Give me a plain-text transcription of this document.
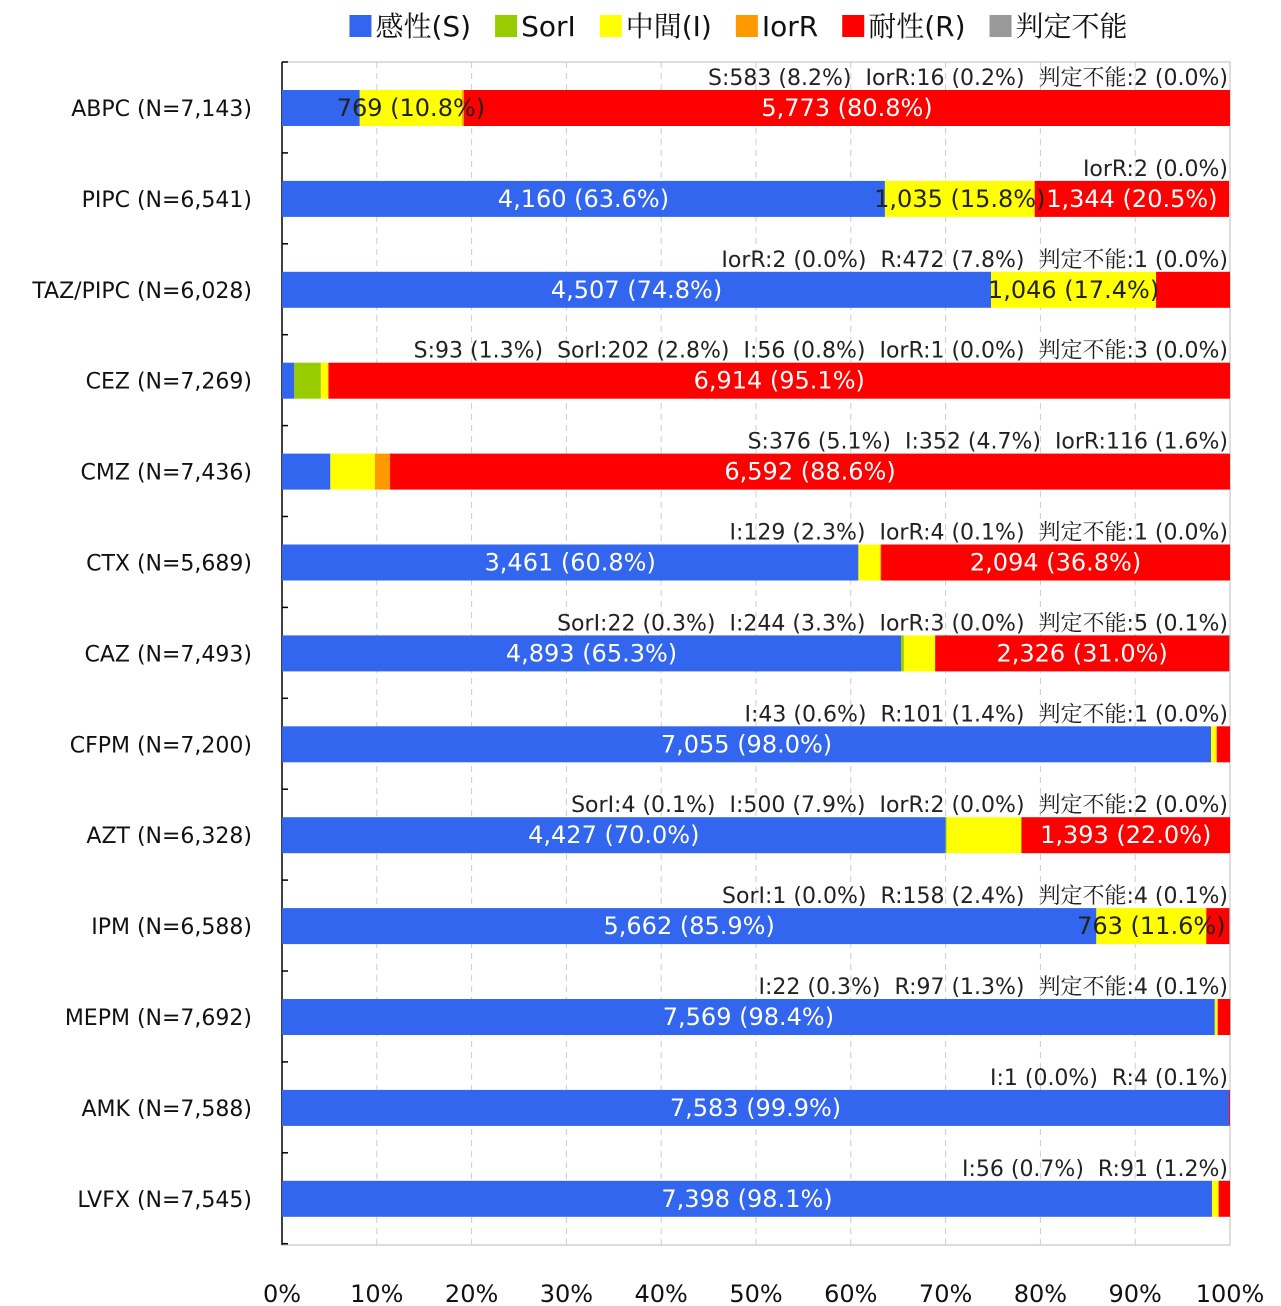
0% 10% 20% 30% 40% 50% 60% 70% 80% 90% 100%
ABPC (N=7,143)	769 (10.8%)	5,773 (80.8%)
S:583 (8.2%) IorR:16 (0.2%) 判定不能:2 (0.0%)
PIPC (N=6,541)	4,160 (63.6%)	1,035 (15.8%) 1,344 (20.5%)
IorR:2 (0.0%)
TAZ/PIPC (N=6,028)	4,507 (74.8%)	1,046 (17.4%)
IorR:2 (0.0%) R:472 (7.8%) 判定不能:1 (0.0%)
CEZ (N=7,269)	6,914 (95.1%)
S:93 (1.3%) SorI:202 (2.8%) I:56 (0.8%) IorR:1 (0.0%) 判定不能:3 (0.0%)
CMZ (N=7,436)	6,592 (88.6%)
S:376 (5.1%) I:352 (4.7%) IorR:116 (1.6%)
CTX (N=5,689)	3,461 (60.8%)	2,094 (36.8%)
I:129 (2.3%) IorR:4 (0.1%) 判定不能:1 (0.0%)
CAZ (N=7,493)	4,893 (65.3%)	2,326 (31.0%)
SorI:22 (0.3%) I:244 (3.3%) IorR:3 (0.0%) 判定不能:5 (0.1%)
CFPM (N=7,200)	7,055 (98.0%)
I:43 (0.6%) R:101 (1.4%) 判定不能:1 (0.0%)
AZT (N=6,328)	4,427 (70.0%)	1,393 (22.0%)
SorI:4 (0.1%) I:500 (7.9%) IorR:2 (0.0%) 判定不能:2 (0.0%)
IPM (N=6,588)	5,662 (85.9%)	763 (11.6%)
SorI:1 (0.0%) R:158 (2.4%) 判定不能:4 (0.1%)
MEPM (N=7,692)	7,569 (98.4%)
I:22 (0.3%) R:97 (1.3%) 判定不能:4 (0.1%)
AMK (N=7,588)	7,583 (99.9%)
I:1 (0.0%) R:4 (0.1%)
LVFX (N=7,545)	7,398 (98.1%)
I:56 (0.7%) R:91 (1.2%)
感性(S) SorI 中間(I) IorR 耐性(R) 判定不能
